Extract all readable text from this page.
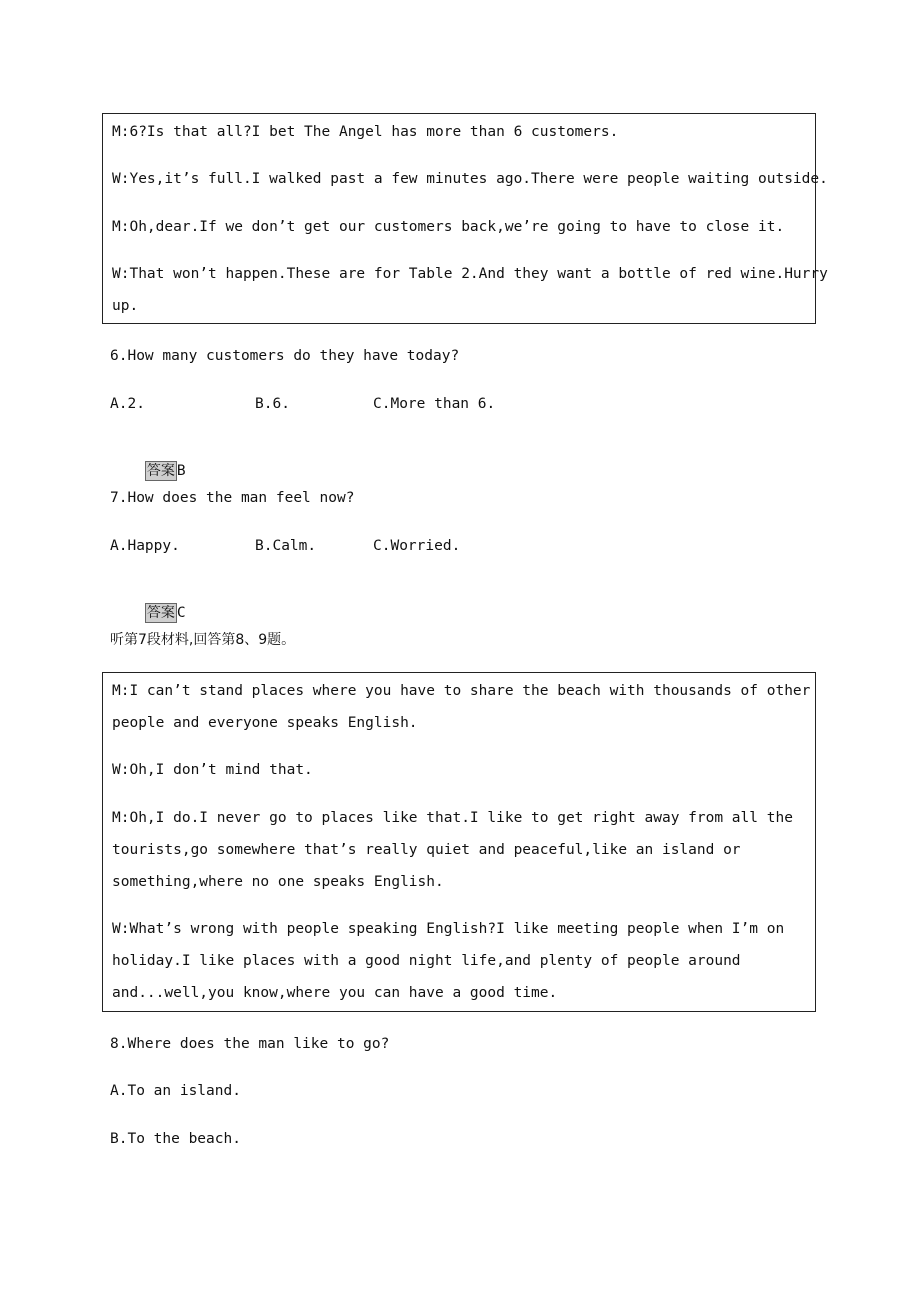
M:6?Is that all?I bet The Angel has more than 6 customers.
W:Yes,it’s full.I walked past a few minutes ago.There were people waiting outside.
M:Oh,dear.If we don’t get our customers back,we’re going to have to close it.
W:That won’t happen.These are for Table 2.And they want a bottle of red wine.Hurry
up.
6.How many customers do they have today?
A.2.	B.6.	C.More than 6.

答案 B

7.How does the man feel now?
A.Happy.	B.Calm.	C.Worried.

答案 C

听第7段材料,回答第8、9题。
M:I can’t stand places where you have to share the beach with thousands of other
people and everyone speaks English.
W:Oh,I don’t mind that.
M:Oh,I do.I never go to places like that.I like to get right away from all the
tourists,go somewhere that’s really quiet and peaceful,like an island or
something,where no one speaks English.
W:What’s wrong with people speaking English?I like meeting people when I’m on
holiday.I like places with a good night life,and plenty of people around
and...well,you know,where you can have a good time.
8.Where does the man like to go?
A.To an island.
B.To the beach.
